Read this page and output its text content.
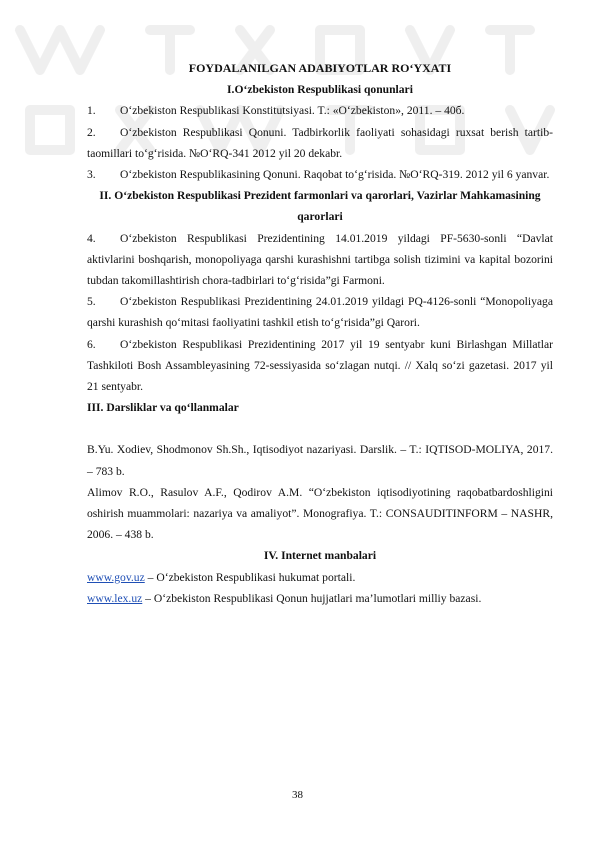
FOYDALANILGAN ADABIYOTLAR RO‘YXATI
I.O‘zbekiston Respublikasi qonunlari

1. O‘zbekiston Respublikasi Konstitutsiyasi. T.: «O‘zbekiston», 2011. – 40б.

2. O‘zbekiston Respublikasi Qonuni. Tadbirkorlik faoliyati sohasidagi ruxsat berish tartib-taomillari to‘g‘risida. №O‘RQ-341 2012 yil 20 dekabr.

3. O‘zbekiston Respublikasining Qonuni. Raqobat to‘g‘risida. №O‘RQ-319. 2012 yil 6 yanvar.

II. O‘zbekiston Respublikasi Prezident farmonlari va qarorlari, Vazirlar Mahkamasining qarorlari

4. O‘zbekiston Respublikasi Prezidentining 14.01.2019 yildagi PF-5630-sonli “Davlat aktivlarini boshqarish, monopoliyaga qarshi kurashishni tartibga solish tizimini va kapital bozorini tubdan takomillashtirish chora-tadbirlari to‘g‘risida”gi Farmoni.

5. O‘zbekiston Respublikasi Prezidentining 24.01.2019 yildagi PQ-4126-sonli “Monopoliyaga qarshi kurashish qo‘mitasi faoliyatini tashkil etish to‘g‘risida”gi Qarori.

6. O‘zbekiston Respublikasi Prezidentining 2017 yil 19 sentyabr kuni Birlashgan Millatlar Tashkiloti Bosh Assambleyasining 72-sessiyasida so‘zlagan nutqi. // Xalq so‘zi gazetasi. 2017 yil 21 sentyabr.

III. Darsliklar va qo‘llanmalar

B.Yu. Xodiev, Shodmonov Sh.Sh., Iqtisodiyot nazariyasi. Darslik. – T.: IQTISOD-MOLIYA, 2017. – 783 b.

Alimov R.O., Rasulov A.F., Qodirov A.M. “O‘zbekiston iqtisodiyotining raqobatbardoshligini oshirish muammolari: nazariya va amaliyot”. Monografiya. T.: CONSAUDITINFORM – NASHR, 2006. – 438 b.

IV. Internet manbalari

www.gov.uz – O‘zbekiston Respublikasi hukumat portali.

www.lex.uz – O‘zbekiston Respublikasi Qonun hujjatlari ma’lumotlari milliy bazasi.

38
